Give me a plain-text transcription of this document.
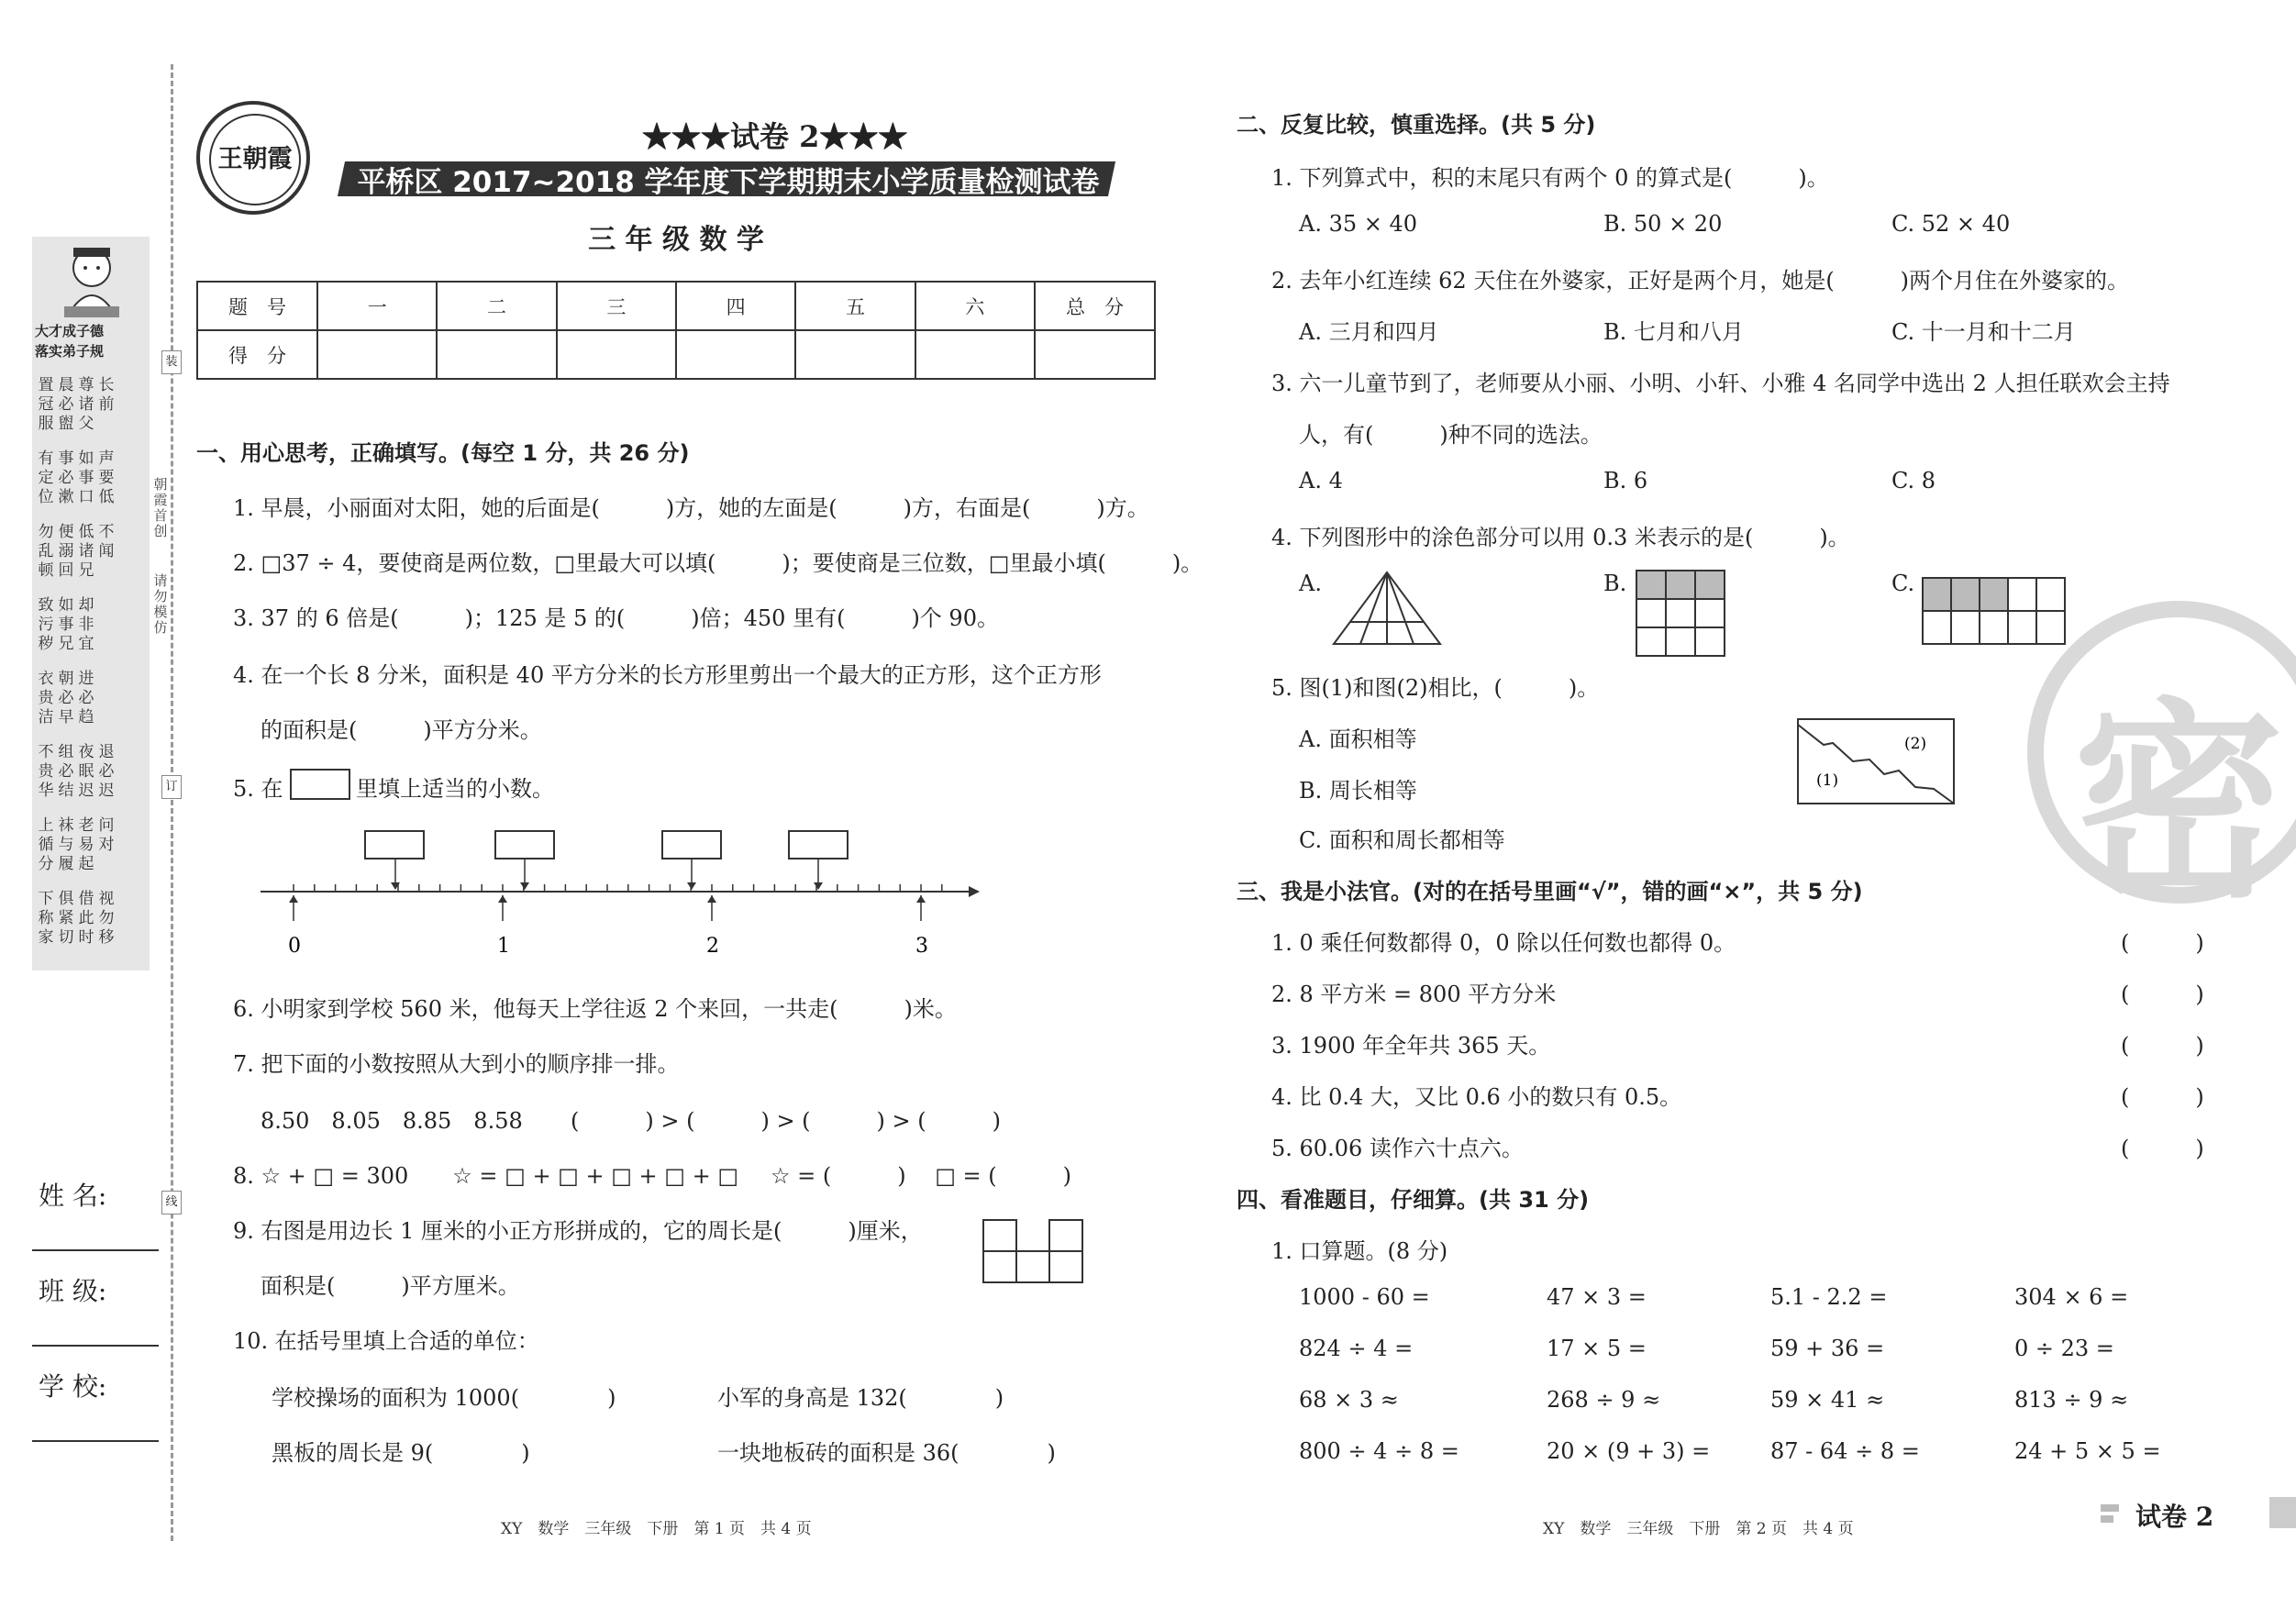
大才成子德
落实弟子规
置
冠
服
晨
必
盥
尊
诸
父
长
前

有
定
位
事
必
漱
如
事
口
声
要
低
勿
乱
顿
便
溺
回
低
诸
兄
不
闻

致
污
秽
如
事
兄
却
非
宜
衣
贵
洁
朝
必
早
进
必
趋
不
贵
华
组
必
结
夜
眠
迟
退
必
迟
上
循
分
袜
与
履
老
易
起
问
对

下
称
家
俱
紧
切
借
此
时
视
勿
移
装
订
线
朝
霞
首
创
请
勿
模
仿
姓 名:
班 级:
学 校:
王朝霞
★★★试卷 2★★★
平桥区 2017~2018 学年度下学期期末小学质量检测试卷
三 年 级 数 学
题　号	一	二	三	四	五	六	总　分
得　分							
一、用心思考，正确填写。(每空 1 分，共 26 分)
1. 早晨，小丽面对太阳，她的后面是(　　　)方，她的左面是(　　　)方，右面是(　　　)方。
2. □37 ÷ 4，要使商是两位数，□里最大可以填(　　　)；要使商是三位数，□里最小填(　　　)。
3. 37 的 6 倍是(　　　)；125 是 5 的(　　　)倍；450 里有(　　　)个 90。
4. 在一个长 8 分米，面积是 40 平方分米的长方形里剪出一个最大的正方形，这个正方形
的面积是(　　　)平方分米。
5. 在	里填上适当的小数。
0	1	2	3
6. 小明家到学校 560 米，他每天上学往返 2 个来回，一共走(　　　)米。
7. 把下面的小数按照从大到小的顺序排一排。
8.50　8.05　8.85　8.58 (　　　) > (　　　) > (　　　) > (　　　)
8. ☆ + □ = 300　　☆ = □ + □ + □ + □ + □ ☆ = (　　　)　 □ = (　　　)
9. 右图是用边长 1 厘米的小正方形拼成的，它的周长是(　　　)厘米，
面积是(　　　)平方厘米。
10. 在括号里填上合适的单位：
学校操场的面积为 1000(　　　　)	小军的身高是 132(　　　　)
黑板的周长是 9(　　　　)	一块地板砖的面积是 36(　　　　)
XY　数学　三年级　下册　第 1 页　共 4 页
密
二、反复比较，慎重选择。(共 5 分)
1. 下列算式中，积的末尾只有两个 0 的算式是(　　　)。
A. 35 × 40	B. 50 × 20	C. 52 × 40
2. 去年小红连续 62 天住在外婆家，正好是两个月，她是(　　　)两个月住在外婆家的。
A. 三月和四月	B. 七月和八月	C. 十一月和十二月
3. 六一儿童节到了，老师要从小丽、小明、小轩、小雅 4 名同学中选出 2 人担任联欢会主持
人，有(　　　)种不同的选法。
A. 4	B. 6	C. 8
4. 下列图形中的涂色部分可以用 0.3 米表示的是(　　　)。
A.	B.	C.
5. 图(1)和图(2)相比，(　　　)。
A. 面积相等
B. 周长相等
C. 面积和周长都相等
(2)
(1)
三、我是小法官。(对的在括号里画“√”，错的画“×”，共 5 分)
1. 0 乘任何数都得 0，0 除以任何数也都得 0。	(　　　)
2. 8 平方米 = 800 平方分米	(　　　)
3. 1900 年全年共 365 天。	(　　　)
4. 比 0.4 大，又比 0.6 小的数只有 0.5。	(　　　)
5. 60.06 读作六十点六。	(　　　)
四、看准题目，仔细算。(共 31 分)
1. 口算题。(8 分)
1000 - 60 =	47 × 3 =	5.1 - 2.2 =	304 × 6 =
824 ÷ 4 =	17 × 5 =	59 + 36 =	0 ÷ 23 =
68 × 3 ≈	268 ÷ 9 ≈	59 × 41 ≈	813 ÷ 9 ≈
800 ÷ 4 ÷ 8 =	20 × (9 + 3) =	87 - 64 ÷ 8 =	24 + 5 × 5 =
XY　数学　三年级　下册　第 2 页　共 4 页	试卷 2
